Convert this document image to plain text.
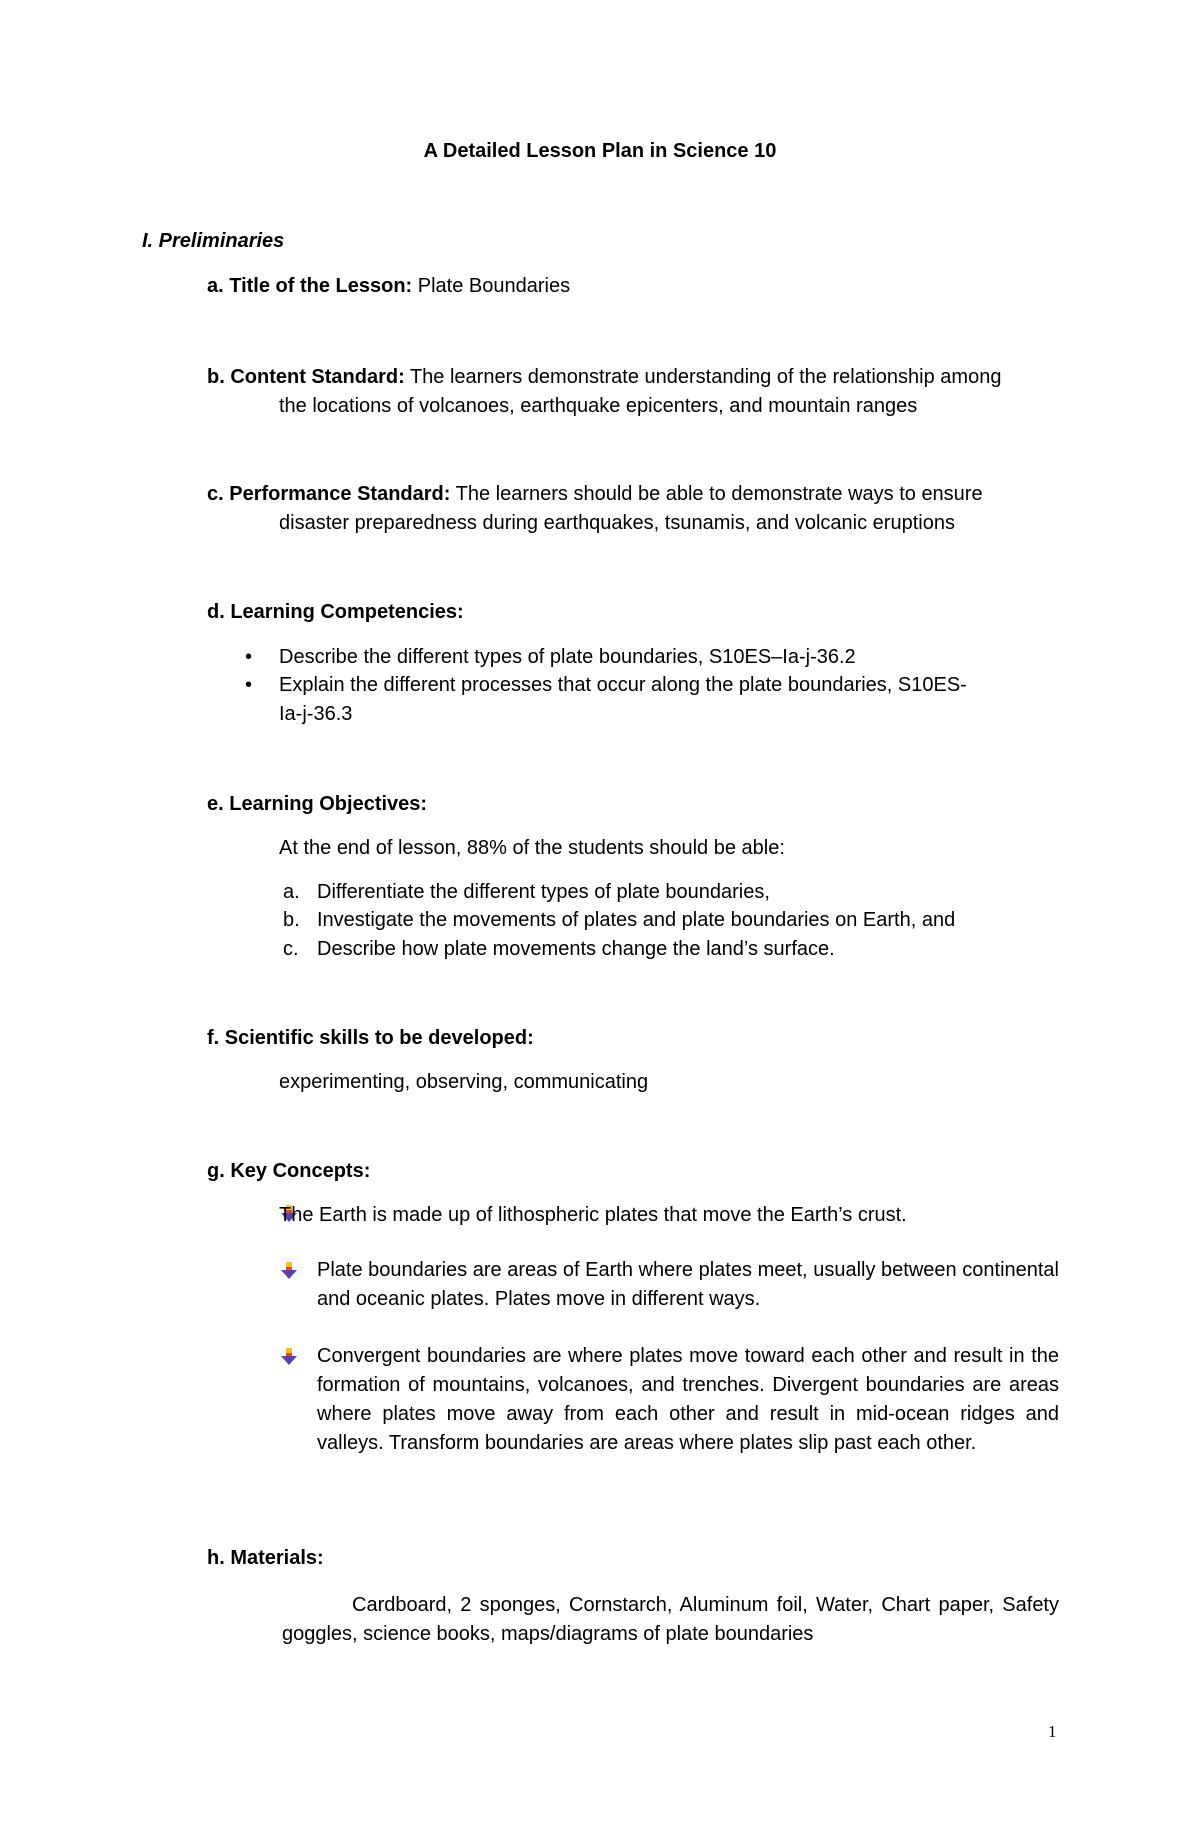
A Detailed Lesson Plan in Science 10
I. Preliminaries
a. Title of the Lesson: Plate Boundaries
b. Content Standard: The learners demonstrate understanding of the relationship among
the locations of volcanoes, earthquake epicenters, and mountain ranges
c. Performance Standard: The learners should be able to demonstrate ways to ensure
disaster preparedness during earthquakes, tsunamis, and volcanic eruptions
d. Learning Competencies:
• Describe the different types of plate boundaries, S10ES–Ia-j-36.2
• Explain the different processes that occur along the plate boundaries, S10ES-
Ia-j-36.3
e. Learning Objectives:
At the end of lesson, 88% of the students should be able:
a. Differentiate the different types of plate boundaries,
b. Investigate the movements of plates and plate boundaries on Earth, and
c. Describe how plate movements change the land’s surface.
f. Scientific skills to be developed:
experimenting, observing, communicating
g. Key Concepts:
The Earth is made up of lithospheric plates that move the Earth’s crust.
Plate boundaries are areas of Earth where plates meet, usually between continental and oceanic plates. Plates move in different ways.
Convergent boundaries are where plates move toward each other and result in the formation of mountains, volcanoes, and trenches. Divergent boundaries are areas where plates move away from each other and result in mid-ocean ridges and valleys. Transform boundaries are areas where plates slip past each other.
h. Materials:
Cardboard, 2 sponges, Cornstarch, Aluminum foil, Water, Chart paper, Safety goggles, science books, maps/diagrams of plate boundaries
1
